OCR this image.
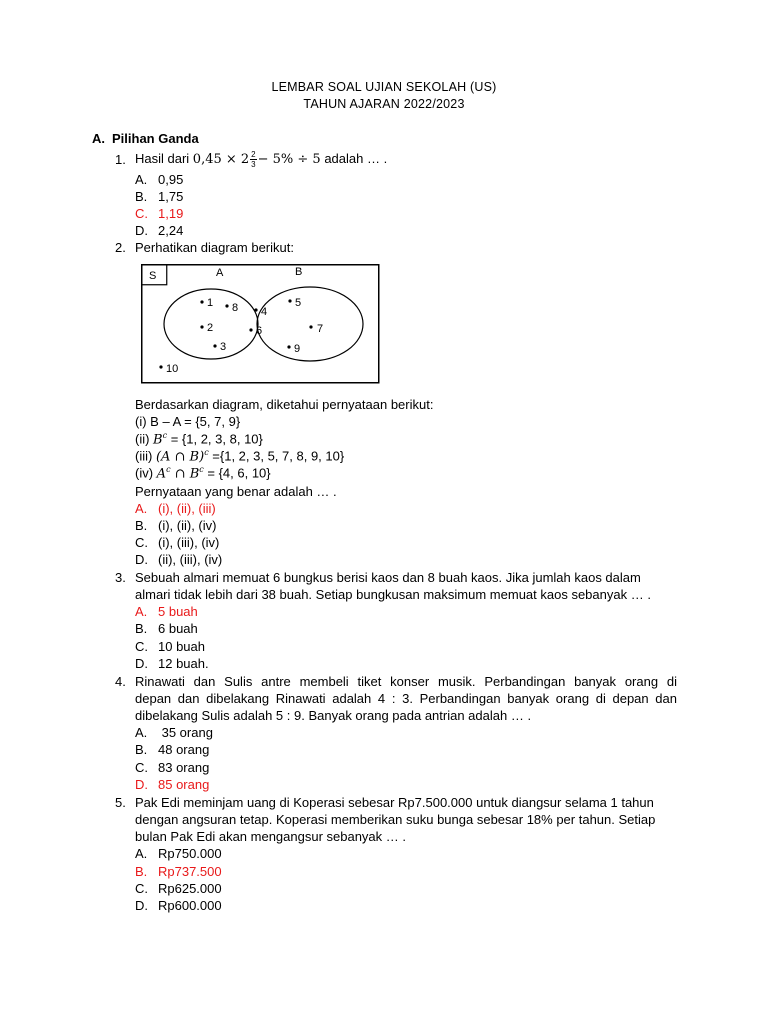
LEMBAR SOAL UJIAN SEKOLAH (US)
TAHUN AJARAN 2022/2023
A. Pilihan Ganda
1. Hasil dari $0,45 \times 2 \frac{2}{3} - 5\% \div 5$ adalah … .
A. 0,95
B. 1,75
C. 1,19
D. 2,24
2. Perhatikan diagram berikut:
S	A	B
1 8 4
5
2	6	7
3	9
10
Berdasarkan diagram, diketahui pernyataan berikut:
(i) B – A = {5, 7, 9}
(ii) $B^c = \{1$, 2, 3, 8, 10}
(iii) (A ∩ B)$^c$ ={1, 2, 3, 5, 7, 8, 9, 10}
(iv) $A^c$ ∩ $B^c = \{4$, 6, 10}
Pernyataan yang benar adalah … .
A. (i), (ii), (iii)
B. (i), (ii), (iv)
C. (i), (iii), (iv)
D. (ii), (iii), (iv)
3. Sebuah almari memuat 6 bungkus berisi kaos dan 8 buah kaos. Jika jumlah kaos dalam
almari tidak lebih dari 38 buah. Setiap bungkusan maksimum memuat kaos sebanyak … .
A. 5 buah
B. 6 buah
C. 10 buah
D. 12 buah.
4. Rinawati dan Sulis antre membeli tiket konser musik. Perbandingan banyak orang di
depan dan dibelakang Rinawati adalah 4 : 3. Perbandingan banyak orang di depan dan
dibelakang Sulis adalah 5 : 9. Banyak orang pada antrian adalah … .
A. 35 orang
B. 48 orang
C. 83 orang
D. 85 orang
5. Pak Edi meminjam uang di Koperasi sebesar Rp7.500.000 untuk diangsur selama 1 tahun
dengan angsuran tetap. Koperasi memberikan suku bunga sebesar 18% per tahun. Setiap
bulan Pak Edi akan mengangsur sebanyak … .
A. Rp750.000
B. Rp737.500
C. Rp625.000
D. Rp600.000
